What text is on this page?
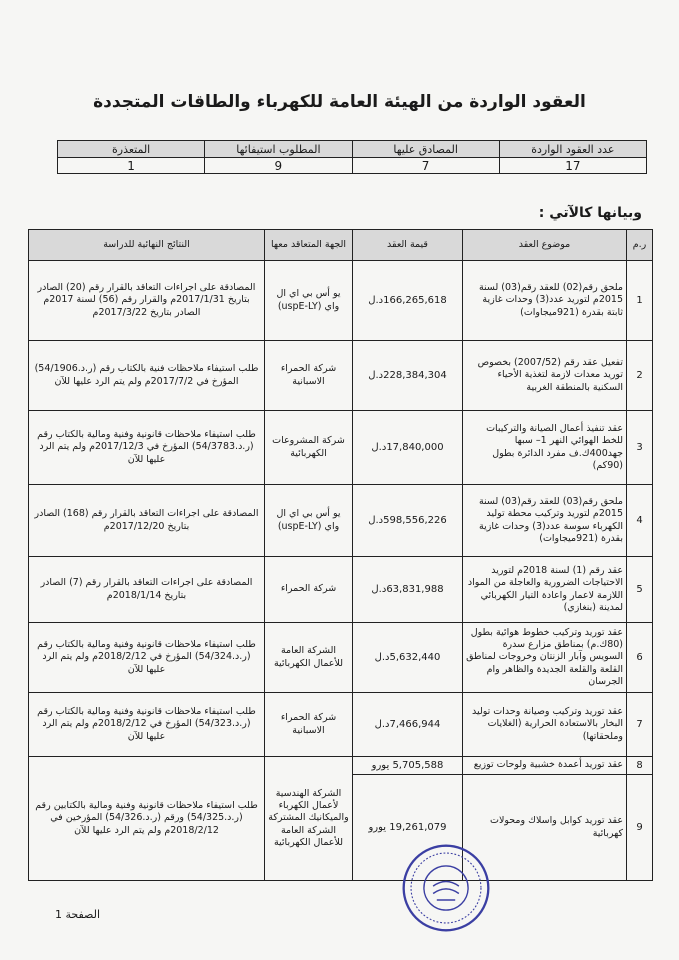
العقود الواردة من الهيئة العامة للكهرباء والطاقات المتجددة
عدد العقود الواردة	المصادق عليها	المطلوب استيفائها	المتعذرة
17	7	9	1
وبيانها كالآتي :
ر.م	موضوع العقد	قيمة العقد	الجهة المتعاقد معها	النتائج النهائية للدراسة
1	ملحق رقم(02) للعقد رقم(03) لسنة 2015م لتوريد عدد(3) وحدات غازية ثابتة بقدرة (921ميجاوات)	166,265,618د.ل	يو أس بي اي ال واي (uspE-LY)	المصادقة على اجراءات التعاقد بالقرار رقم (20) الصادر بتاريخ 2017/1/31م والقرار رقم (56) لسنة 2017م الصادر بتاريخ 2017/3/22م
2	تفعيل عقد رقم (2007/52) بخصوص توريد معدات لازمة لتغذية الأحياء السكنية بالمنطقة الغربية	228,384,304د.ل	شركة الحمراء الاسبانية	طلب استيفاء ملاحظات فنية بالكتاب رقم (ر.د.54/1906) المؤرخ في 2017/7/2م ولم يتم الرد عليها للآن
3	عقد تنفيذ أعمال الصيانة والتركيبات للخط الهوائي النهر 1– سبها جهد400ك.ف مفرد الدائرة بطول (90كم)	17,840,000د.ل	شركة المشروعات الكهربائية	طلب استيفاء ملاحظات قانونية وفنية ومالية بالكتاب رقم (ر.د.54/3783) المؤرخ في 2017/12/3م ولم يتم الرد عليها للآن
4	ملحق رقم(03) للعقد رقم(03) لسنة 2015م لتوريد وتركيب محطة توليد الكهرباء سوسة عدد(3) وحدات غازية بقدرة (921ميجاوات)	598,556,226د.ل	يو أس بي اي ال واي (uspE-LY)	المصادقة على اجراءات التعاقد بالقرار رقم (168) الصادر بتاريخ 2017/12/20م
5	عقد رقم (1) لسنة 2018م لتوريد الاحتياجات الضرورية والعاجلة من المواد اللازمة لاعمار واعادة التيار الكهربائي لمدينة (بنغازي)	63,831,988د.ل	شركة الحمراء	المصادقة على اجراءات التعاقد بالقرار رقم (7) الصادر بتاريخ 2018/1/14م
6	عقد توريد وتركيب خطوط هوائية بطول (80ك.م) بمناطق مزارع سدرة السويس وآبار الزنتان وخروجات لمناطق القلعة والقلعة الجديدة والظاهر وام الجرسان	5,632,440د.ل	الشركة العامة للأعمال الكهربائية	طلب استيفاء ملاحظات قانونية وفنية ومالية بالكتاب رقم (ر.د.54/324) المؤرخ في 2018/2/12م ولم يتم الرد عليها للآن
7	عقد توريد وتركيب وصيانة وحدات توليد البخار بالاستعادة الحرارية (الغلايات وملحقاتها)	7,466,944د.ل	شركة الحمراء الاسبانية	طلب استيفاء ملاحظات قانونية وفنية ومالية بالكتاب رقم (ر.د.54/323) المؤرخ في 2018/2/12م ولم يتم الرد عليها للآن
8	عقد توريد أعمدة خشبية ولوحات توزيع	5,705,588 يورو	الشركة الهندسية لأعمال الكهرباء والميكانيك المشتركة الشركة العامة للأعمال الكهربائية	طلب استيفاء ملاحظات قانونية وفنية ومالية بالكتابين رقم (ر.د.54/325) ورقم (ر.د.54/326) المؤرخين في 2018/2/12م ولم يتم الرد عليها للآن
9	عقد توريد كوابل واسلاك ومحولات كهربائية	19,261,079 يورو		
الصفحة 1
